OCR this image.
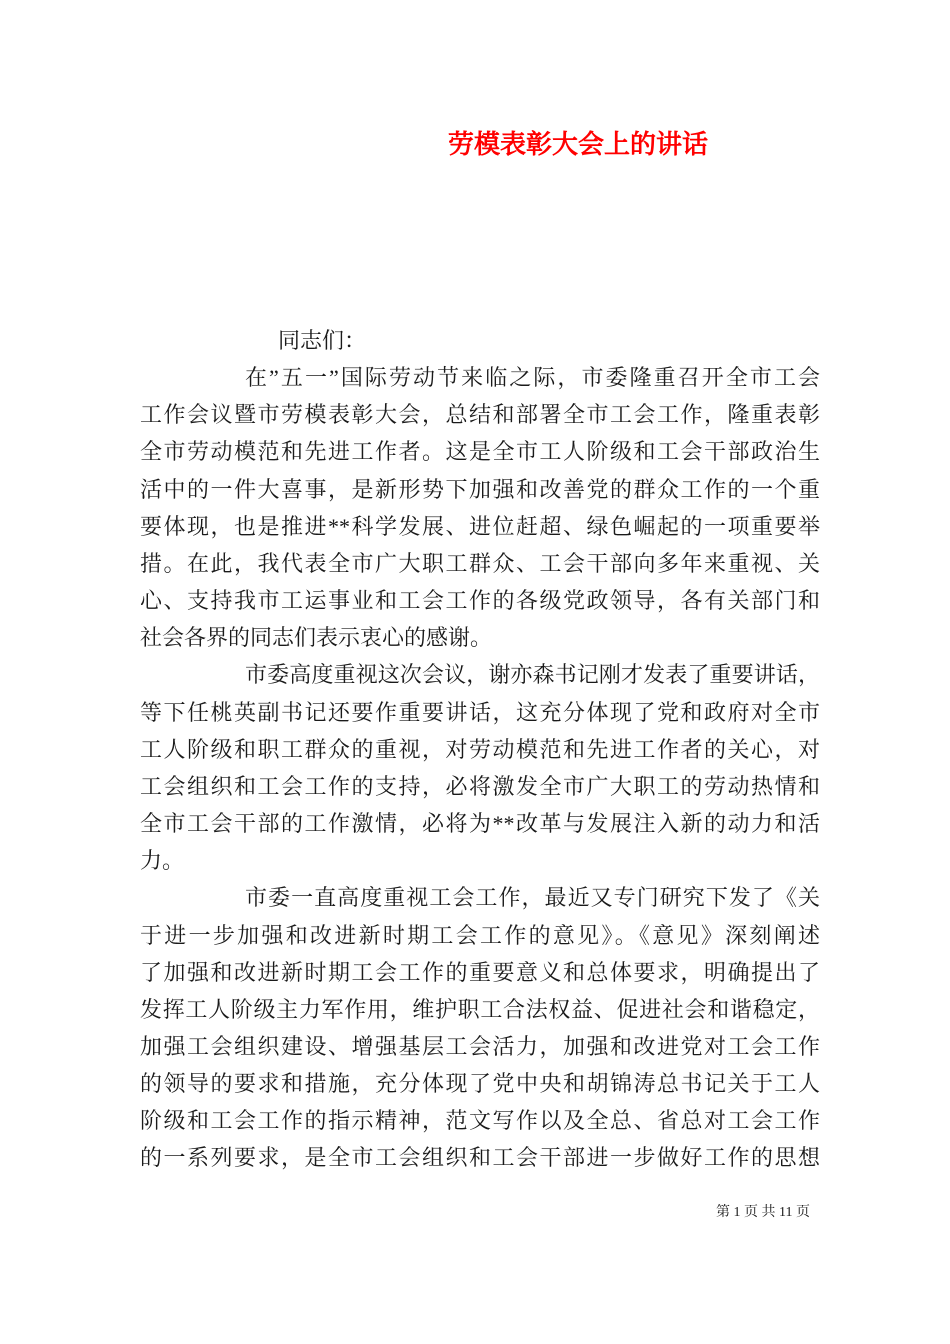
劳模表彰大会上的讲话
同志们：
在”五一”国际劳动节来临之际，市委隆重召开全市工会
工作会议暨市劳模表彰大会，总结和部署全市工会工作，隆重表彰
全市劳动模范和先进工作者。这是全市工人阶级和工会干部政治生
活中的一件大喜事，是新形势下加强和改善党的群众工作的一个重
要体现，也是推进**科学发展、进位赶超、绿色崛起的一项重要举
措。在此，我代表全市广大职工群众、工会干部向多年来重视、关
心、支持我市工运事业和工会工作的各级党政领导，各有关部门和
社会各界的同志们表示衷心的感谢。
市委高度重视这次会议，谢亦森书记刚才发表了重要讲话，
等下任桃英副书记还要作重要讲话，这充分体现了党和政府对全市
工人阶级和职工群众的重视，对劳动模范和先进工作者的关心，对
工会组织和工会工作的支持，必将激发全市广大职工的劳动热情和
全市工会干部的工作激情，必将为**改革与发展注入新的动力和活
力。
市委一直高度重视工会工作，最近又专门研究下发了《关
于进一步加强和改进新时期工会工作的意见》。《意见》深刻阐述
了加强和改进新时期工会工作的重要意义和总体要求，明确提出了
发挥工人阶级主力军作用，维护职工合法权益、促进社会和谐稳定，
加强工会组织建设、增强基层工会活力，加强和改进党对工会工作
的领导的要求和措施，充分体现了党中央和胡锦涛总书记关于工人
阶级和工会工作的指示精神，范文写作以及全总、省总对工会工作
的一系列要求，是全市工会组织和工会干部进一步做好工作的思想
第 1 页 共 11 页
